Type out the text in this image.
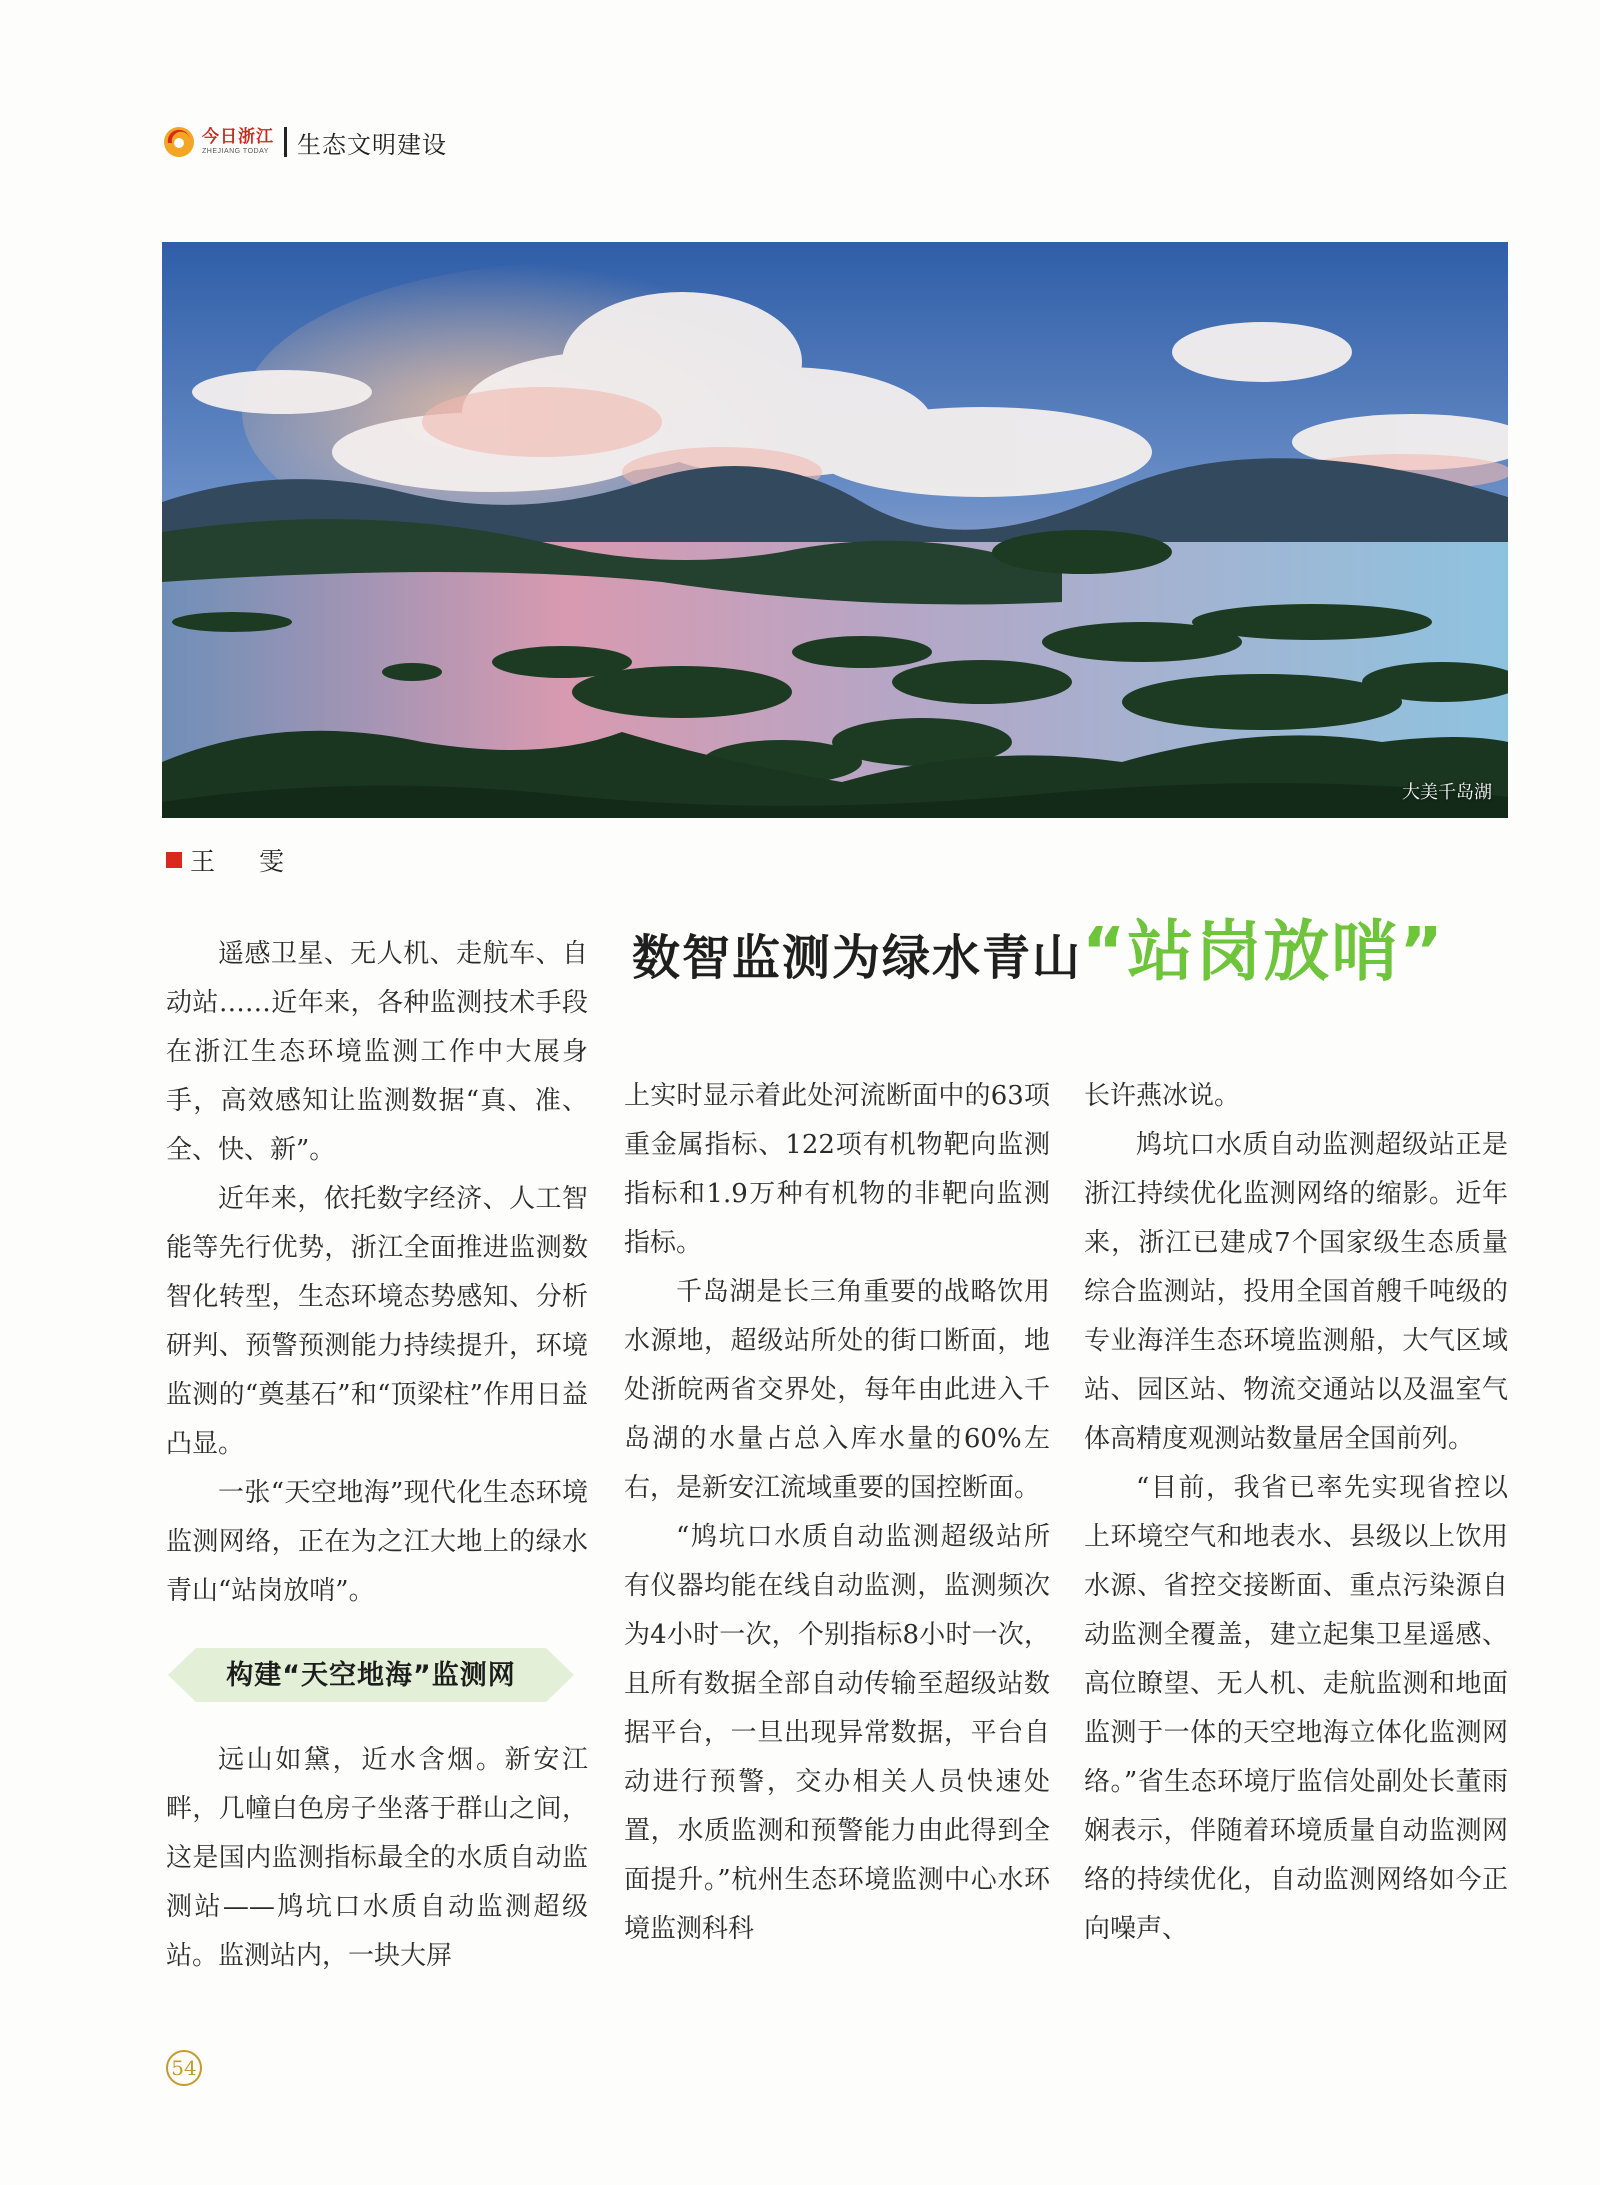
今日浙江
ZHEJIANG TODAY 生态文明建设
大美千岛湖
王 雯
数智监测为绿水青山“站岗放哨”

遥感卫星、无人机、走航车、自动站……近年来，各种监测技术手段在浙江生态环境监测工作中大展身手，高效感知让监测数据“真、准、全、快、新”。

近年来，依托数字经济、人工智能等先行优势，浙江全面推进监测数智化转型，生态环境态势感知、分析研判、预警预测能力持续提升，环境监测的“奠基石”和“顶梁柱”作用日益凸显。

一张“天空地海”现代化生态环境监测网络，正在为之江大地上的绿水青山“站岗放哨”。

构建“天空地海”监测网

远山如黛，近水含烟。新安江畔，几幢白色房子坐落于群山之间，这是国内监测指标最全的水质自动监测站——鸠坑口水质自动监测超级站。监测站内，一块大屏

上实时显示着此处河流断面中的63项重金属指标、122项有机物靶向监测指标和1.9万种有机物的非靶向监测指标。

千岛湖是长三角重要的战略饮用水源地，超级站所处的街口断面，地处浙皖两省交界处，每年由此进入千岛湖的水量占总入库水量的60%左右，是新安江流域重要的国控断面。

“鸠坑口水质自动监测超级站所有仪器均能在线自动监测，监测频次为4小时一次，个别指标8小时一次，且所有数据全部自动传输至超级站数据平台，一旦出现异常数据，平台自动进行预警，交办相关人员快速处置，水质监测和预警能力由此得到全面提升。”杭州生态环境监测中心水环境监测科科

长许燕冰说。

鸠坑口水质自动监测超级站正是浙江持续优化监测网络的缩影。近年来，浙江已建成7个国家级生态质量综合监测站，投用全国首艘千吨级的专业海洋生态环境监测船，大气区域站、园区站、物流交通站以及温室气体高精度观测站数量居全国前列。

“目前，我省已率先实现省控以上环境空气和地表水、县级以上饮用水源、省控交接断面、重点污染源自动监测全覆盖，建立起集卫星遥感、高位瞭望、无人机、走航监测和地面监测于一体的天空地海立体化监测网络。”省生态环境厅监信处副处长董雨娴表示，伴随着环境质量自动监测网络的持续优化，自动监测网络如今正向噪声、

54
